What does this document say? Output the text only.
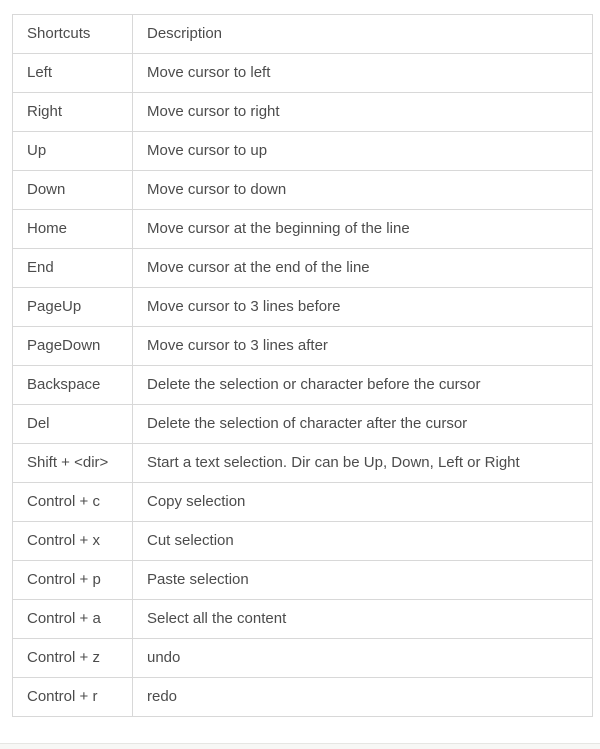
Shortcuts	Description
Left	Move cursor to left
Right	Move cursor to right
Up	Move cursor to up
Down	Move cursor to down
Home	Move cursor at the beginning of the line
End	Move cursor at the end of the line
PageUp	Move cursor to 3 lines before
PageDown	Move cursor to 3 lines after
Backspace	Delete the selection or character before the cursor
Del	Delete the selection of character after the cursor
Shift + <dir>	Start a text selection. Dir can be Up, Down, Left or Right
Control + c	Copy selection
Control + x	Cut selection
Control + p	Paste selection
Control + a	Select all the content
Control + z	undo
Control + r	redo
